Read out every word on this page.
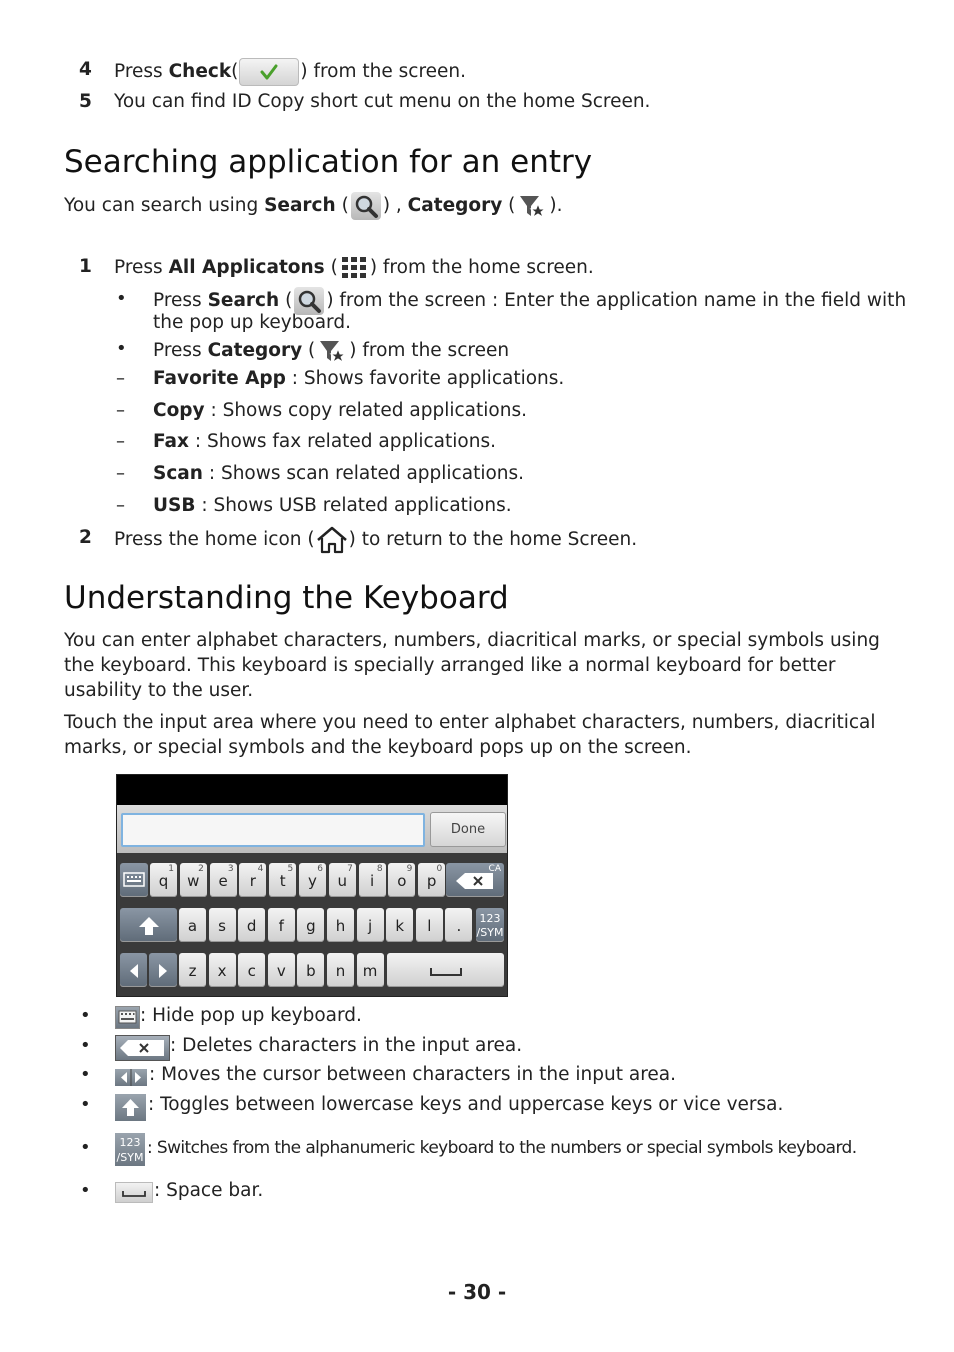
4 Press Check(	) from the screen.
5 You can find ID Copy short cut menu on the home Screen.
Searching application for an entry
You can search using Search ( ) , Category ( ).
1 Press All Applicatons ( ) from the home screen.
• Press Search ( ) from the screen : Enter the application name in the field with
the pop up keyboard.
• Press Category ( ) from the screen
– Favorite App : Shows favorite applications.
– Copy : Shows copy related applications.
– Fax : Shows fax related applications.
– Scan : Shows scan related applications.
– USB : Shows USB related applications.
2 Press the home icon ( ) to return to the home Screen.
Understanding the Keyboard
You can enter alphabet characters, numbers, diacritical marks, or special symbols using the keyboard. This keyboard is specially arranged like a normal keyboard for better usability to the user.
Touch the input area where you need to enter alphabet characters, numbers, diacritical marks, or special symbols and the keyboard pops up on the screen.
Done
CA
123
/SYM
q
1
w
2
e
3
r
4
t
5
y
6
u
7
i
8
o
9
p
0
a	s	d	f	g	h	j	k	l	.
z	x	c	v	b	n	m
•	: Hide pop up keyboard.
•	: Deletes characters in the input area.
•	: Moves the cursor between characters in the input area.
•	: Toggles between lowercase keys and uppercase keys or vice versa.
•	123
/SYM : Switches from the alphanumeric keyboard to the numbers or special symbols keyboard.
•	: Space bar.
- 30 -
